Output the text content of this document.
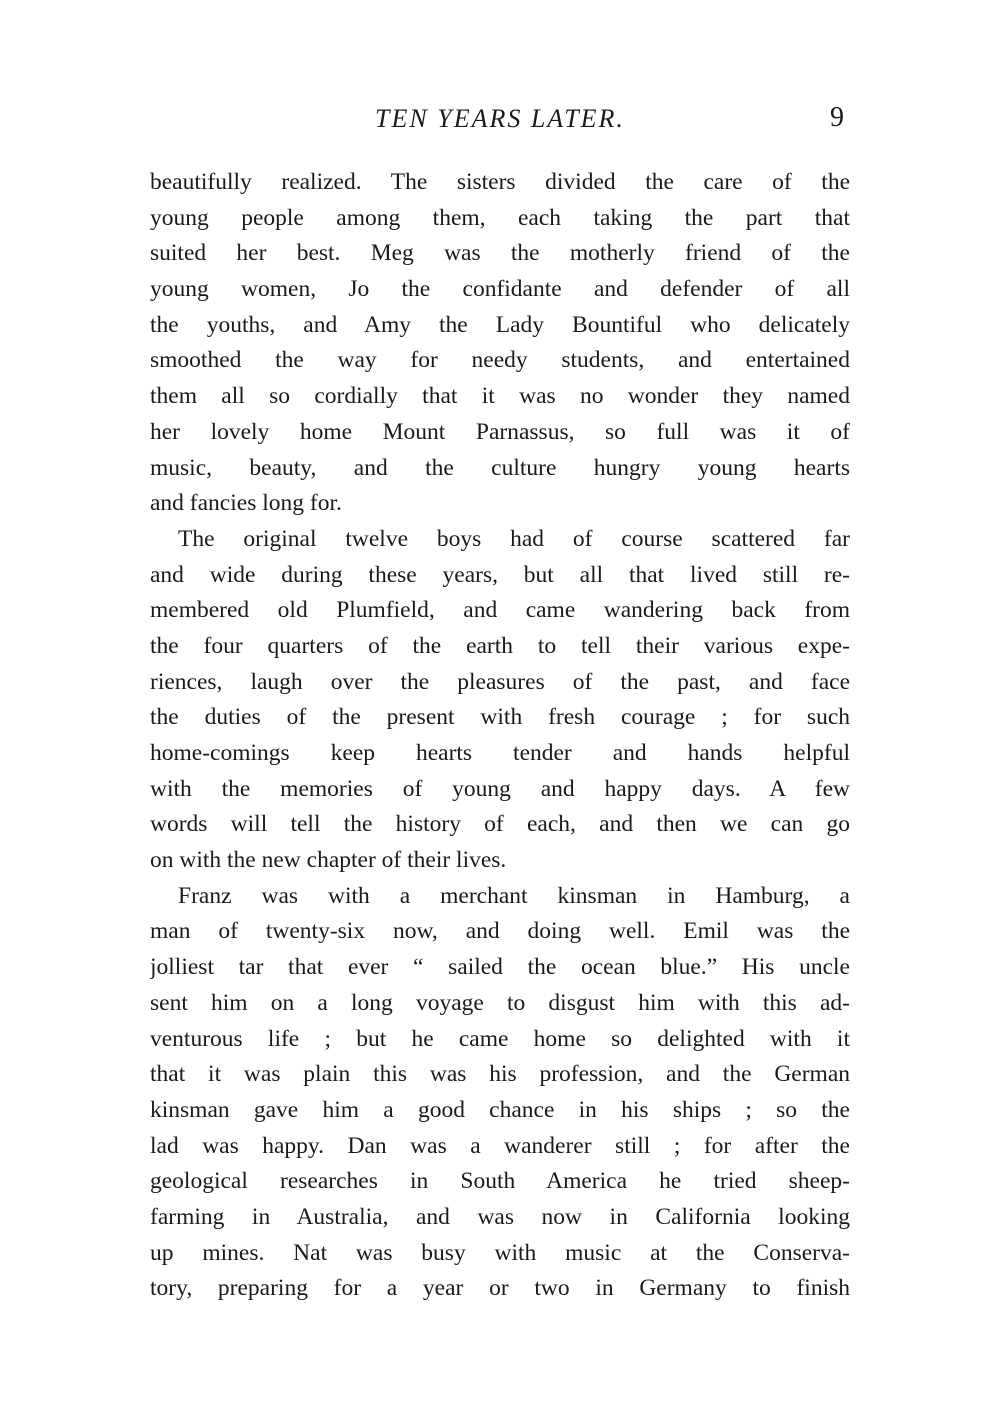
TEN YEARS LATER.	9
beautifully realized. The sisters divided the care of the
young people among them, each taking the part that
suited her best. Meg was the motherly friend of the
young women, Jo the confidante and defender of all
the youths, and Amy the Lady Bountiful who delicately
smoothed the way for needy students, and entertained
them all so cordially that it was no wonder they named
her lovely home Mount Parnassus, so full was it of
music, beauty, and the culture hungry young hearts
and fancies long for.
The original twelve boys had of course scattered far
and wide during these years, but all that lived still re-
membered old Plumfield, and came wandering back from
the four quarters of the earth to tell their various expe-
riences, laugh over the pleasures of the past, and face
the duties of the present with fresh courage ; for such
home-comings keep hearts tender and hands helpful
with the memories of young and happy days. A few
words will tell the history of each, and then we can go
on with the new chapter of their lives.
Franz was with a merchant kinsman in Hamburg, a
man of twenty-six now, and doing well. Emil was the
jolliest tar that ever “ sailed the ocean blue.” His uncle
sent him on a long voyage to disgust him with this ad-
venturous life ; but he came home so delighted with it
that it was plain this was his profession, and the German
kinsman gave him a good chance in his ships ; so the
lad was happy. Dan was a wanderer still ; for after the
geological researches in South America he tried sheep-
farming in Australia, and was now in California looking
up mines. Nat was busy with music at the Conserva-
tory, preparing for a year or two in Germany to finish
